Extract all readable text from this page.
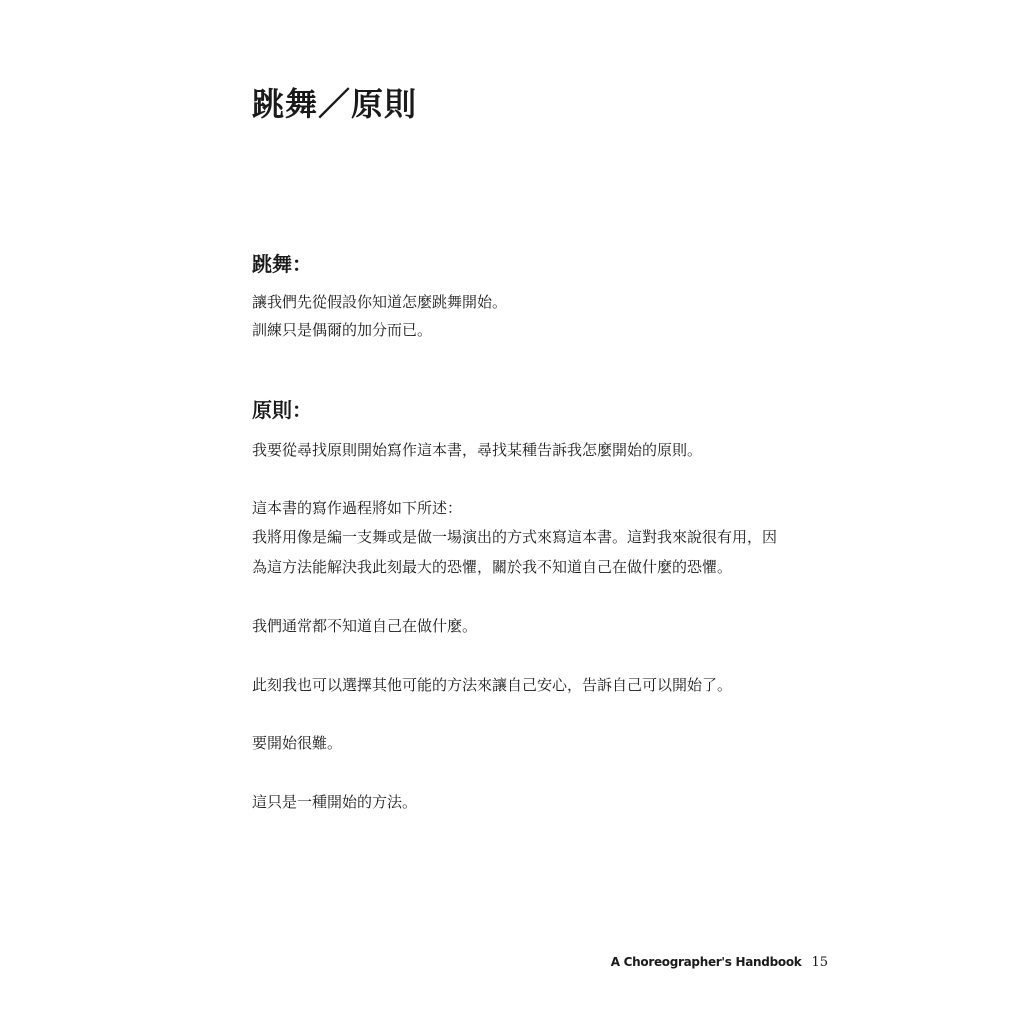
跳舞／原則
跳舞：

讓我們先從假設你知道怎麼跳舞開始。

訓練只是偶爾的加分而已。

原則：

我要從尋找原則開始寫作這本書，尋找某種告訴我怎麼開始的原則。

這本書的寫作過程將如下所述：

我將用像是編一支舞或是做一場演出的方式來寫這本書。這對我來說很有用，因

為這方法能解決我此刻最大的恐懼，關於我不知道自己在做什麼的恐懼。

我們通常都不知道自己在做什麼。

此刻我也可以選擇其他可能的方法來讓自己安心，告訴自己可以開始了。

要開始很難。

這只是一種開始的方法。

A Choreographer's Handbook 15
